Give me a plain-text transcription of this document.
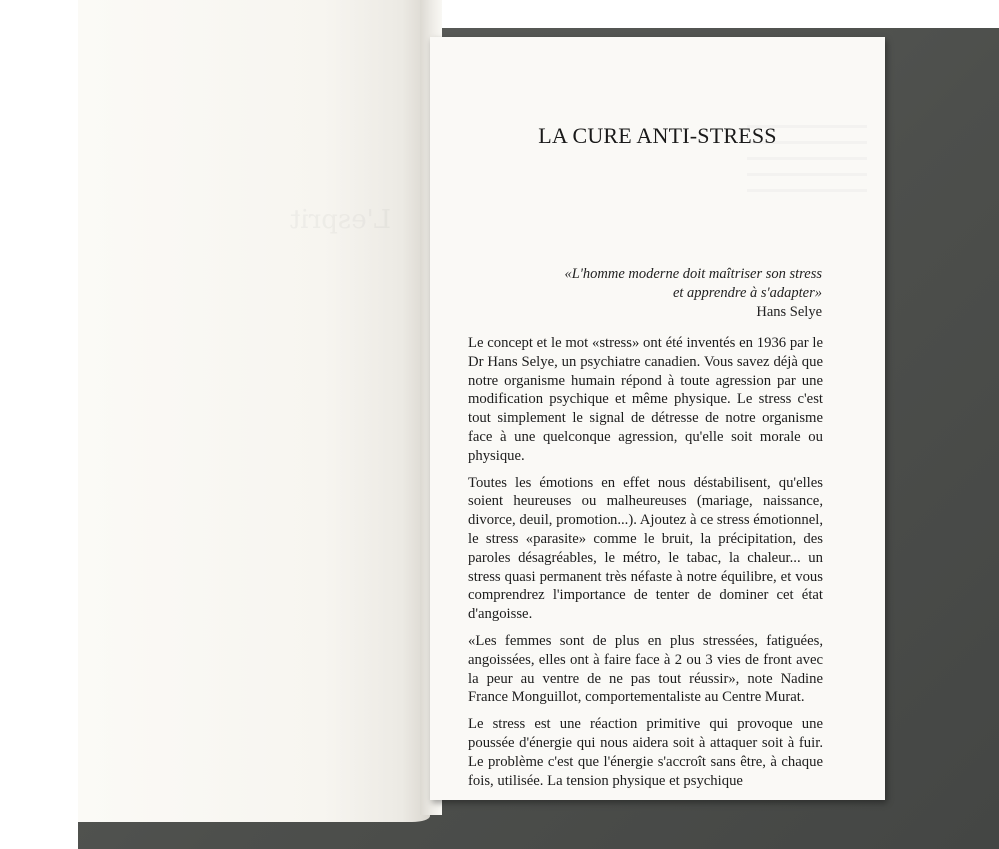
L'esprit
LA CURE ANTI-STRESS
«L'homme moderne doit maîtriser son stress
et apprendre à s'adapter»
Hans Selye

Le concept et le mot «stress» ont été inventés en 1936 par le Dr Hans Selye, un psychiatre canadien. Vous savez déjà que notre organisme humain répond à toute agression par une modification psychique et même physique. Le stress c'est tout simplement le signal de détresse de notre organisme face à une quelconque agression, qu'elle soit morale ou physique.

Toutes les émotions en effet nous déstabilisent, qu'elles soient heureuses ou malheureuses (mariage, naissance, divorce, deuil, promotion...). Ajoutez à ce stress émotionnel, le stress «parasite» comme le bruit, la précipitation, des paroles désagréables, le métro, le tabac, la chaleur... un stress quasi permanent très néfaste à notre équilibre, et vous comprendrez l'importance de tenter de dominer cet état d'angoisse.

«Les femmes sont de plus en plus stressées, fatiguées, angoissées, elles ont à faire face à 2 ou 3 vies de front avec la peur au ventre de ne pas tout réussir», note Nadine France Monguillot, comportementaliste au Centre Murat.

Le stress est une réaction primitive qui provoque une poussée d'énergie qui nous aidera soit à attaquer soit à fuir. Le problème c'est que l'énergie s'accroît sans être, à chaque fois, utilisée. La tension physique et psychique
